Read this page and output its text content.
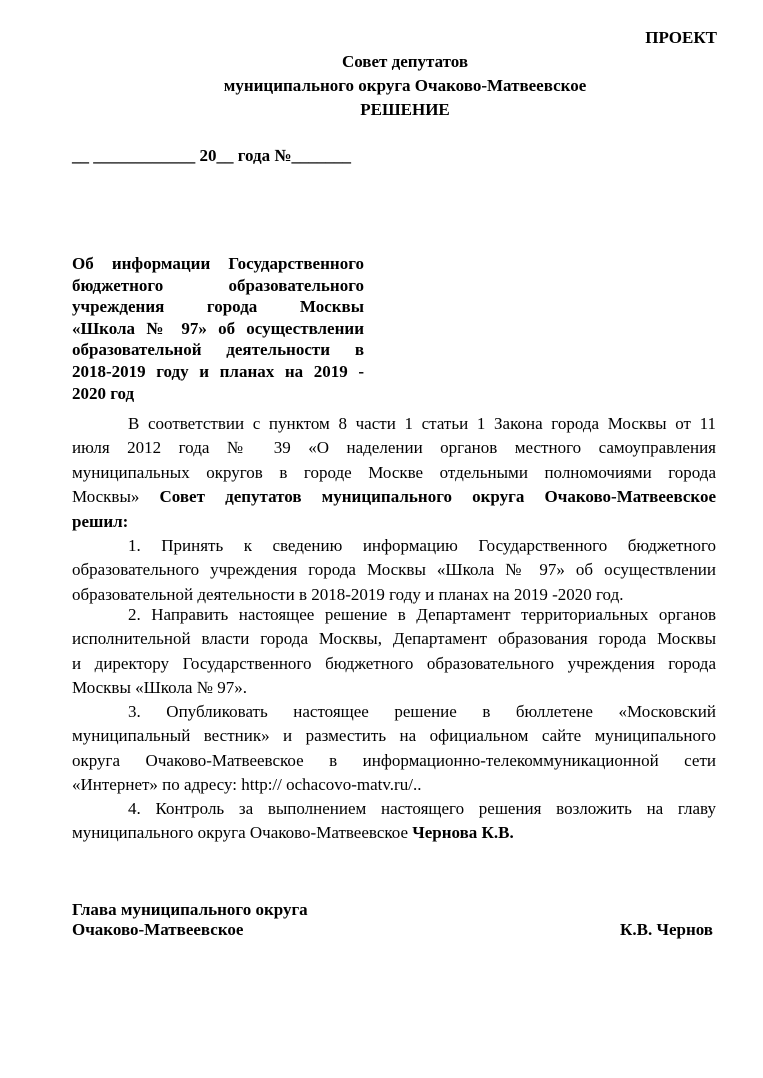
ПРОЕКТ
Совет депутатов
муниципального округа Очаково-Матвеевское
РЕШЕНИЕ
__ ____________ 20__ года №_______
Об информации Государственного
бюджетного образовательного
учреждения города Москвы
«Школа № 97» об осуществлении
образовательной деятельности в
2018-2019 году и планах на 2019 -
2020 год
В соответствии с пунктом 8 части 1 статьи 1 Закона города Москвы от 11
июля 2012 года № 39 «О наделении органов местного самоуправления
муниципальных округов в городе Москве отдельными полномочиями города
Москвы» Совет депутатов муниципального округа Очаково-Матвеевское
решил:
1. Принять к сведению информацию Государственного бюджетного
образовательного учреждения города Москвы «Школа № 97» об осуществлении
образовательной деятельности в 2018-2019 году и планах на 2019 -2020 год.
2. Направить настоящее решение в Департамент территориальных органов
исполнительной власти города Москвы, Департамент образования города Москвы
и директору Государственного бюджетного образовательного учреждения города
Москвы «Школа № 97».
3. Опубликовать настоящее решение в бюллетене «Московский
муниципальный вестник» и разместить на официальном сайте муниципального
округа Очаково-Матвеевское в информационно-телекоммуникационной сети
«Интернет» по адресу: http:// ochacovo-matv.ru/..
4. Контроль за выполнением настоящего решения возложить на главу
муниципального округа Очаково-Матвеевское Чернова К.В.
Глава муниципального округа
Очаково-Матвеевское	К.В. Чернов
